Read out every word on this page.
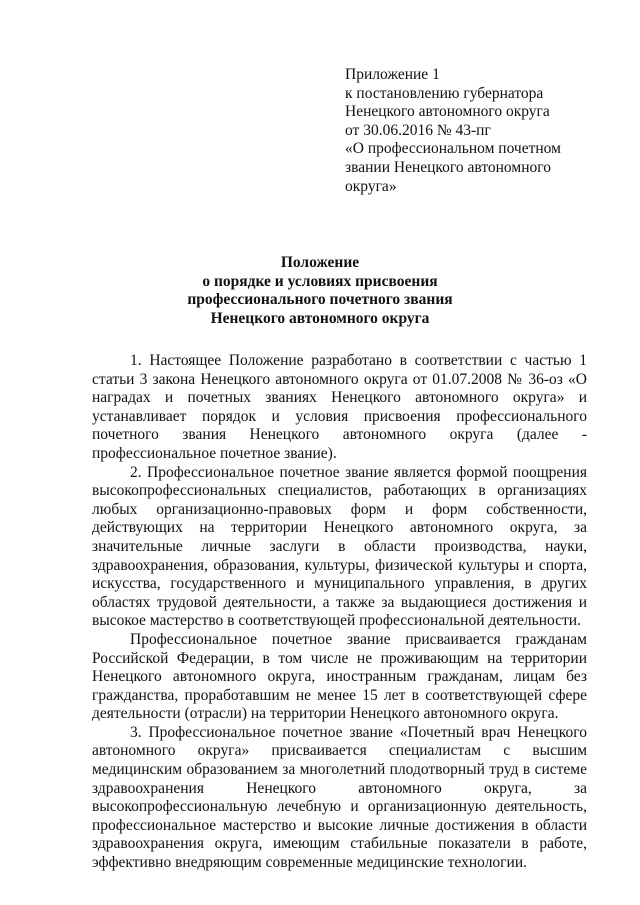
Приложение 1
к постановлению губернатора
Ненецкого автономного округа
от 30.06.2016 № 43-пг
«О профессиональном почетном
звании Ненецкого автономного
округа»
Положение
о порядке и условиях присвоения
профессионального почетного звания
Ненецкого автономного округа

1. Настоящее Положение разработано в соответствии с частью 1 статьи 3 закона Ненецкого автономного округа от 01.07.2008 № 36-оз «О наградах и почетных званиях Ненецкого автономного округа» и устанавливает порядок и условия присвоения профессионального почетного звания Ненецкого автономного округа (далее - профессиональное почетное звание).

2. Профессиональное почетное звание является формой поощрения высокопрофессиональных специалистов, работающих в организациях любых организационно-правовых форм и форм собственности, действующих на территории Ненецкого автономного округа, за значительные личные заслуги в области производства, науки, здравоохранения, образования, культуры, физической культуры и спорта, искусства, государственного и муниципального управления, в других областях трудовой деятельности, а также за выдающиеся достижения и высокое мастерство в соответствующей профессиональной деятельности.

Профессиональное почетное звание присваивается гражданам Российской Федерации, в том числе не проживающим на территории Ненецкого автономного округа, иностранным гражданам, лицам без гражданства, проработавшим не менее 15 лет в соответствующей сфере деятельности (отрасли) на территории Ненецкого автономного округа.

3. Профессиональное почетное звание «Почетный врач Ненецкого автономного округа» присваивается специалистам с высшим медицинским образованием за многолетний плодотворный труд в системе здравоохранения Ненецкого автономного округа, за высокопрофессиональную лечебную и организационную деятельность, профессиональное мастерство и высокие личные достижения в области здравоохранения округа, имеющим стабильные показатели в работе, эффективно внедряющим современные медицинские технологии.
